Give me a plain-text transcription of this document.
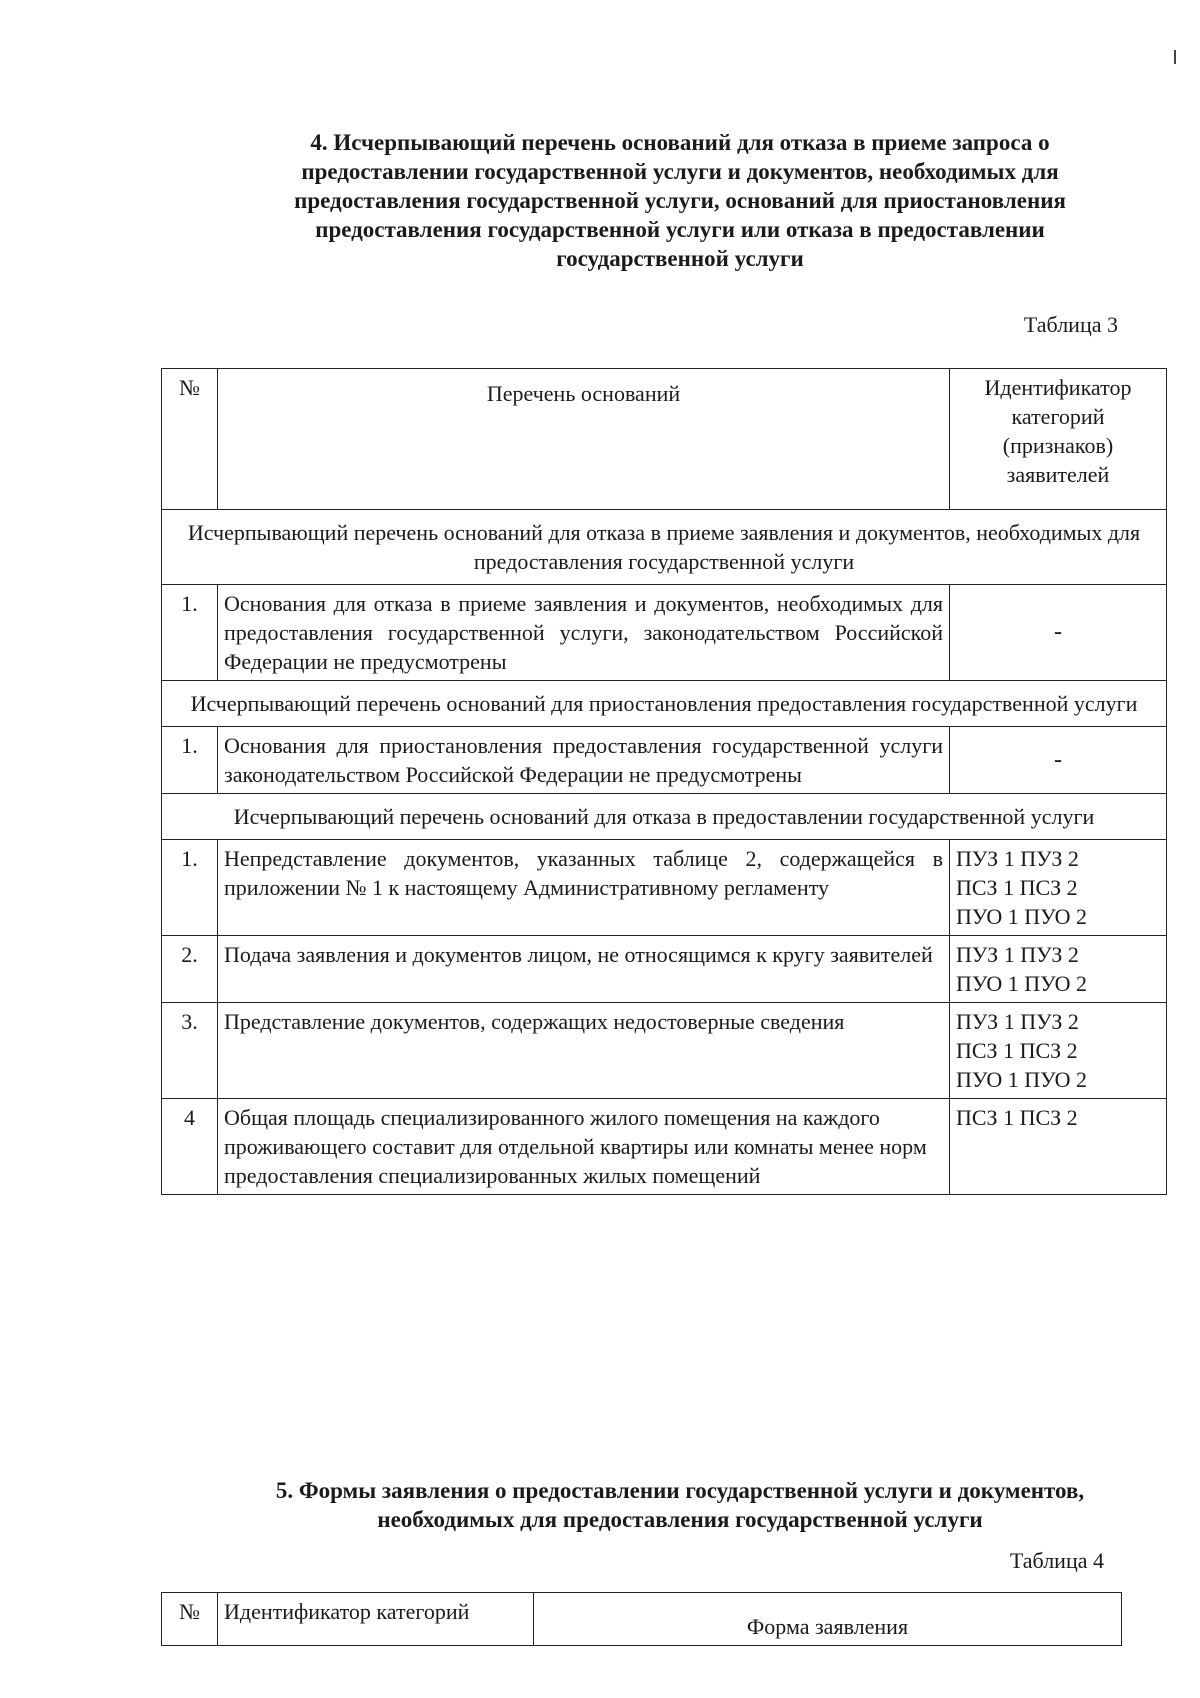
4. Исчерпывающий перечень оснований для отказа в приеме запроса о предоставлении государственной услуги и документов, необходимых для предоставления государственной услуги, оснований для приостановления предоставления государственной услуги или отказа в предоставлении государственной услуги
Таблица 3
№	Перечень оснований	Идентификатор категорий (признаков) заявителей
Исчерпывающий перечень оснований для отказа в приеме заявления и документов, необходимых для предоставления государственной услуги		
1.	Основания для отказа в приеме заявления и документов, необходимых для предоставления государственной услуги, законодательством Российской Федерации не предусмотрены	-
Исчерпывающий перечень оснований для приостановления предоставления государственной услуги		
1.	Основания для приостановления предоставления государственной услуги законодательством Российской Федерации не предусмотрены	-
Исчерпывающий перечень оснований для отказа в предоставлении государственной услуги		
1.	Непредставление документов, указанных таблице 2, содержащейся в приложении № 1 к настоящему Административному регламенту	ПУЗ 1 ПУЗ 2
ПСЗ 1 ПСЗ 2
ПУО 1 ПУО 2

2.	Подача заявления и документов лицом, не относящимся к кругу заявителей	ПУЗ 1 ПУЗ 2
ПУО 1 ПУО 2

3.	Представление документов, содержащих недостоверные сведения	ПУЗ 1 ПУЗ 2
ПСЗ 1 ПСЗ 2
ПУО 1 ПУО 2

4	Общая площадь специализированного жилого помещения на каждого проживающего составит для отдельной квартиры или комнаты менее норм предоставления специализированных жилых помещений	ПСЗ 1 ПСЗ 2
5. Формы заявления о предоставлении государственной услуги и документов, необходимых для предоставления государственной услуги
Таблица 4
№	Идентификатор категорий	Форма заявления
